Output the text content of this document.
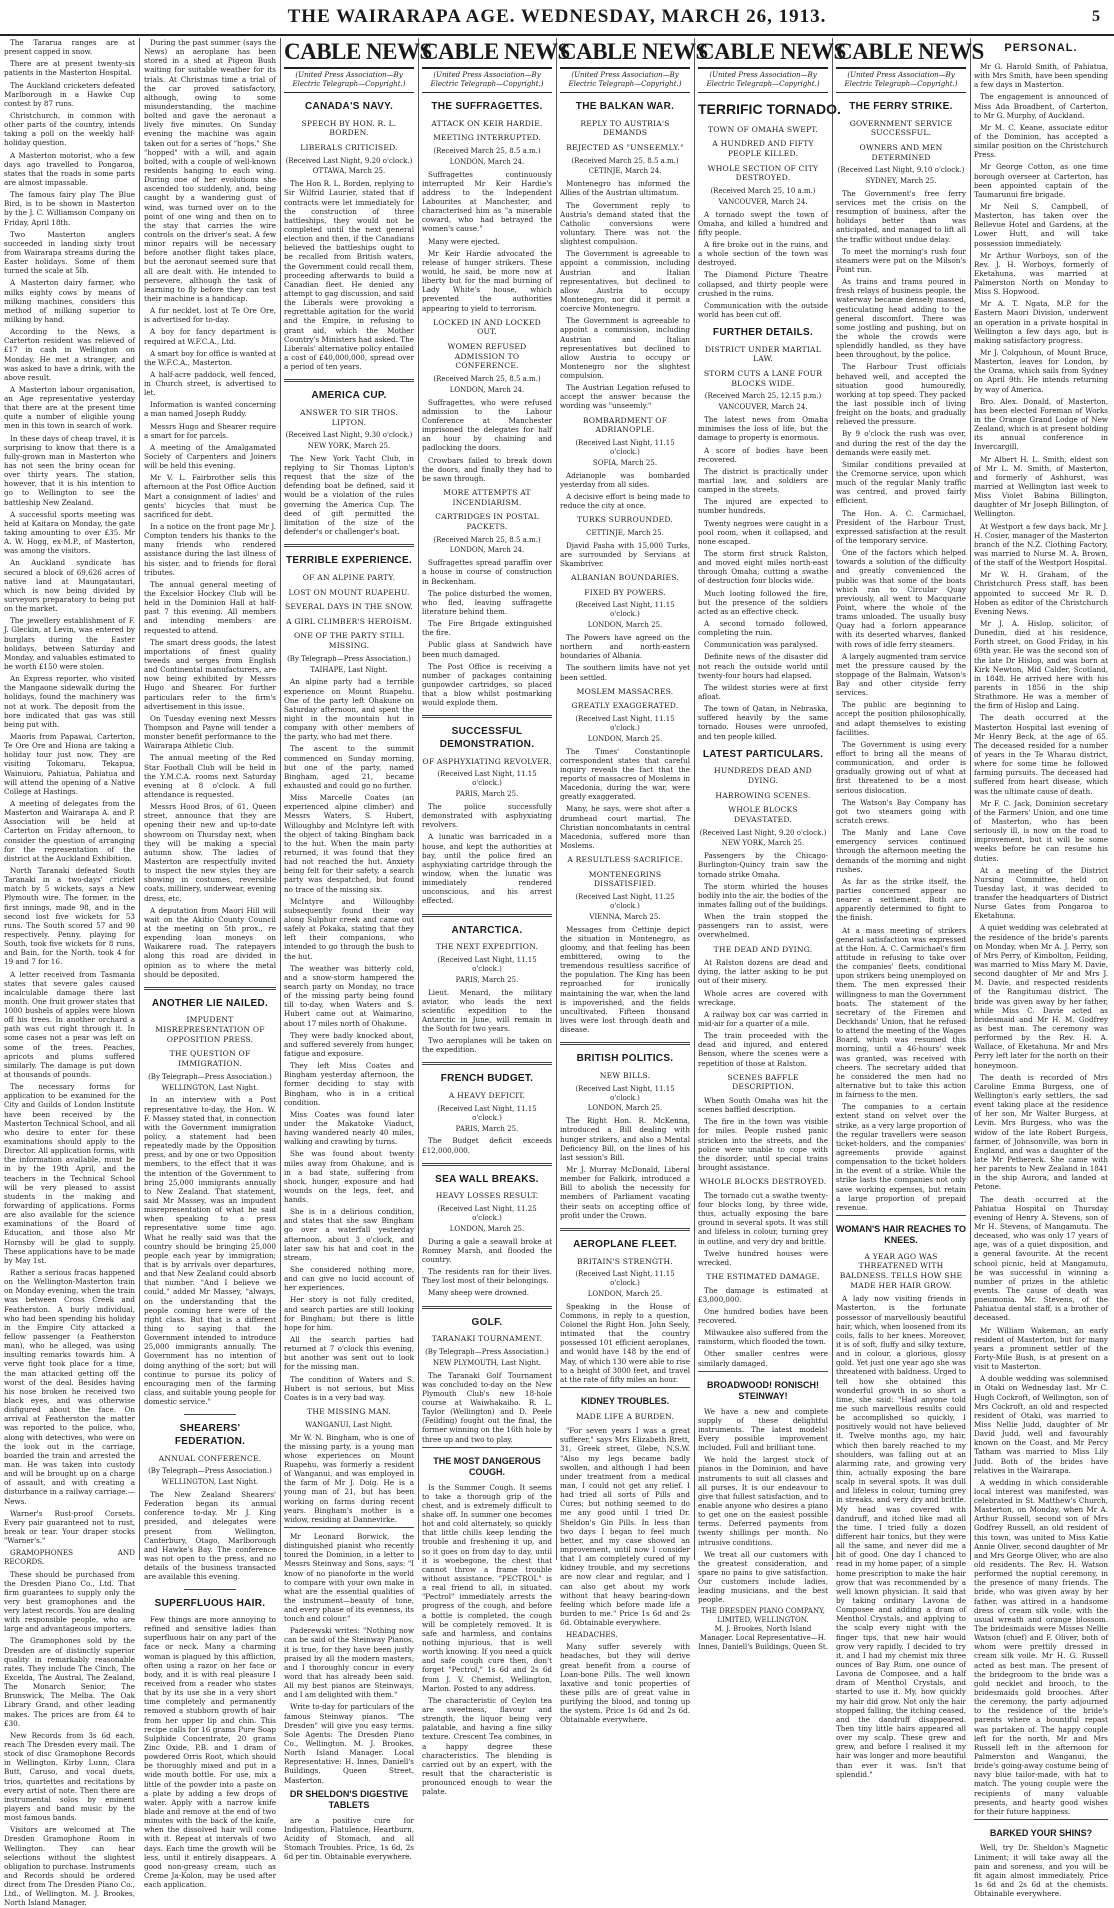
THE WAIRARAPA AGE. WEDNESDAY, MARCH 26, 1913.	5

The Tararua ranges are at present capped in snow.

There are at present twenty-six patients in the Masterton Hospital.

The Auckland cricketers defeated Marlborough in a Hawke Cup contest by 87 runs.

Christchurch, in common with other parts of the country, intends taking a poll on the weekly half-holiday question.

A Masterton motorist, who a few days ago travelled to Pongaroa, states that the roads in some parts are almost impassable.

The famous fairy play The Blue Bird, is to be shown in Masterton by the J. C. Williamson Company on Friday, April 18th.

Two Masterton anglers succeeded in landing sixty trout from Wairarapa streams during the Easter holidays. Some of them turned the scale at 5lb.

A Masterton dairy farmer, who milks eighty cows by means of milking machines, considers this method of milking superior to milking by hand.

According to the News, a Carterton resident was relieved of £17 in cash in Wellington on Monday. He met a stranger, and was asked to have a drink, with the above result.

A Masterton labour organisation, an Age representative yesterday that there are at the present time quite a number of eligible young men in this town in search of work.

In these days of cheap travel, it is surprising to know that there is a fully-grown man in Masterton who has not seen the briny ocean for over thirty years. The station, however, that it is his intention to go to Wellington to see the battleship New Zealand.

A successful sports meeting was held at Kaitara on Monday, the gate taking amounting to over £35. Mr A. W. Hogg, ex-M.P., of Masterton, was among the visitors.

An Auckland syndicate has secured a block of 69,626 acres of native land at Maungatautari, which is now being divided by surveyors preparatory to being put on the market.

The jewellery establishment of F. J. Gleckin, at Levin, was entered by burglars during the Easter holidays, between Saturday and Monday, and valuables estimated to be worth £150 were stolen.

An Express reporter, who visited the Mangaone sidewalk during the holidays, found the machinery was not at work. The deposit from the bore indicated that gas was still being put with.

Maoris from Papawai, Carterton, Te Ore Ore and Hiona are taking a holiday tour just now. They are visiting Tokomaru, Tekapua, Wainuioru, Pahiatua, Pahiatua and will attend the opening of a Native College at Hastings.

A meeting of delegates from the Masterton and Wairarapa A. and P. Association will be held at Carterton on Friday afternoon, to consider the question of arranging for the representation of the district at the Auckland Exhibition.

North Taranaki defeated South Taranaki in a two-days' cricket match by 5 wickets, says a New Plymouth wire. The former, in the first innings, made 98, and in the second lost five wickets for 53 runs. The South scored 57 and 90 respectively. Penny, playing for South, took five wickets for 8 runs, and Bain, for the North, took 4 for 19 and 7 for 16.

A letter received from Tasmania states that severe gales caused incalculable damage there last month. One fruit grower states that 1000 bushels of apples were blown off his trees. In another orchard a path was cut right through it. In some cases not a pear was left on some of the trees. Peaches, apricots and plums suffered similarly. The damage is put down at thousands of pounds.

The necessary forms for application to be examined for the City and Guilds of London Institute have been received by the Masterton Technical School, and all who desire to enter for these examinations should apply to the Director. All application forms, with the information available, must be in by the 19th April, and the teachers in the Technical School will be very pleased to assist students in the making and forwarding of applications. Forms are also available for the science examinations of the Board of Education, and those also Mr Hornsby will be glad to supply. These applications have to be made by May 1st.

Rather a serious fracas happened on the Wellington-Masterton train on Monday evening, when the train was between Cross Creek and Featherston. A burly individual, who had been spending his holiday in the Empire City attacked a fellow passenger (a Featherston man), who he alleged, was using insulting remarks towards him. A verve fight took place for a time, the man attacked getting off the worst of the deal. Besides having his nose broken he received two black eyes, and was otherwise disfigured about the face. On arrival at Featherston the matter was reported to the police, who, along with detectives, who were on the look out in the carriage, boarded the train and arrested the man. He was taken into custody and will be brought up on a charge of assault, and with creating a disturbance in a railway carriage.—News.

Warner's Rust-proof Corsets. Every pair guaranteed not to rust, break or tear. Your draper stocks "Warner's."

GRAMOPHONES AND RECORDS.

These should be purchased from the Dresden Piano Co., Ltd. That firm guarantees to supply only the very best gramophones and the very latest records. You are dealing with responsible people, who are large and advantageous importers.

The Gramophones sold by the Dresden are of distinctly superior quality in remarkably reasonable rates. They include The Cinch, The Excelda, The Austral, The Zealand, The Monarch Senior, The Brunswick, The Melba. The Oak Library Grand, and other leading makes. The prices are from £4 to £30.

New Records from 3s 6d each, reach The Dresden every mail. The stock of disc Gramophone Records in Wellington. Kirby Lunn, Clara Butt, Caruso, and vocal duets, trios, quartettes and recitations by every artist of note. Then there are instrumental solos by eminent players and band music by the most famous bands.

Visitors are welcomed at The Dresden Gramophone Room in Wellington. They can hear selections without the slightest obligation to purchase. Instruments and Records should be ordered direct from The Dresden Piano Co., Ltd., of Wellington. M. J. Brookes, North Island Manager.

During the past summer (says the News) an aeroplane has been stored in a shed at Pigeon Bush waiting for suitable weather for its trials. At Christmas time a trial of the car proved satisfactory, although, owing to some misunderstanding, the machine bolted and gave the aeronaut a lively five minutes. On Sunday evening the machine was again taken out for a series of "hops." She "hopped" with a will, and again bolted, with a couple of well-known residents hanging to each wing. During one of her evolutions she ascended too suddenly, and, being caught by a wandering gust of wind, was turned over on to the point of one wing and then on to the stay that carries the wire controls on the driver's seat. A few minor repairs will be necessary before another flight takes place, but the aeronaut seemed sure that all are dealt with. He intended to persevere, although the task of learning to fly before they can test their machine is a handicap.

A fur necklet, lost at Te Ore Ore, is advertised for to-day.

A boy for fancy department is required at W.F.C.A., Ltd.

A smart boy for office is wanted at the W.F.C.A., Masterton.

A half-acre paddock, well fenced, in Church street, is advertised to let.

Information is wanted concerning a man named Joseph Ruddy.

Messrs Hugo and Shearer require a smart for for parcels.

A meeting of the Amalgamated Society of Carpenters and Joiners will be held this evening.

Mr V. L. Fairbrother sells this afternoon at the Post Office Auction Mart a consignment of ladies' and gents' bicycles that must be sacrificed for debt.

In a notice on the front page Mr J. Compton tenders his thanks to the many friends who rendered assistance during the last illness of his sister, and to friends for floral tributes.

The annual general meeting of the Excelsior Hockey Club will be held in the Dominion Hall at half-past 7 this evening. All members and intending members are requested to attend.

The smart dress goods, the latest importations of finest quality tweeds and serges from English and Continental manufacturers, are now being exhibited by Messrs Hugo and Shearer. For further particulars refer to the firm's advertisement in this issue.

On Tuesday evening next Messrs Thompson and Payne will tender a monster benefit performance to the Wairarapa Athletic Club.

The annual meeting of the Red Star Football Club will be held in the Y.M.C.A. rooms next Saturday evening at 8 o'clock. A full attendance is requested.

Messrs Hood Bros, of 61, Queen street, announce that they are opening their new and up-to-date showroom on Thursday next, when they will be making a special autumn show. The ladies of Masterton are respectfully invited to inspect the new styles they are showing in costumes, reversible coats, millinery, underwear, evening dress, etc.

A deputation from Maori Hill will wait on the Akitio County Council at the meeting on 5th prox., re expending loan moneys on Waikarere road. The ratepayers along this road are divided in opinion as to where the metal should be deposited.

ANOTHER LIE NAILED.
IMPUDENT MISREPRESENTATION OF OPPOSITION PRESS.
THE QUESTION OF IMMIGRATION.
(By Telegraph—Press Association.)
WELLINGTON, Last Night.

In an interview with a Post representative to-day, the Hon. W. F. Massey stated that, in connection with the Government immigration policy, a statement had been repeatedly made by the Opposition press, and by one or two Opposition members, to the effect that it was the intention of the Government to bring 25,000 immigrants annually to New Zealand. That statement, said Mr Massey, was an impudent misrepresentation of what he said when speaking to a press representative some time ago. What he really said was that the country should be bringing 25,000 people each year by immigration; that is by arrivals over departures, and that New Zealand could absorb that number. "And I believe we could," added Mr Massey, "always, on the understanding that the people coming here were of the right class. But that is a different thing to saying that the Government intended to introduce 25,000 immigrants annually. The Government has no intention of doing anything of the sort; but will continue to pursue its policy of encouraging men of the farming class, and suitable young people for domestic service."

SHEARERS' FEDERATION.
ANNUAL CONFERENCE.
(By Telegraph—Press Association.)
WELLINGTON, Last Night.

The New Zealand Shearers' Federation began its annual conference to-day. Mr J. King presided, and delegates were present from Wellington, Canterbury, Otago, Marlborough and Hawke's Bay. The conference was not open to the press, and no details of the business transacted are available this evening.

SUPERFLUOUS HAIR.

Few things are more annoying to refined and sensitive ladies than superfluous hair on any part of the face or neck. Many a charming woman is plagued by this affliction, often using a razor on her face or body, and it is with real pleasure I received from a reader who states that by its use she in a very short time completely and permanently removed a stubborn growth of hair from her upper lip and chin. This recipe calls for 16 grams Pure Soap Sulphide Concentrate, 20 grams Zinc Oxide, P.B. and 1 dram of powdered Orris Root, which should be thoroughly mixed and put in a wide mouth bottle. For use, mix a little of the powder into a paste on a plate by adding a few drops of water. Apply with a narrow knife blade and remove at the end of two minutes with the back of the knife, when the dissolved hair will come with it. Repeat at intervals of two days. Each time the growth will be less, until it entirely disappears. A good non-greasy cream, such as Creme Ja-Kolon, may be used after each application.

CABLE NEWS
(United Press Association—By Electric Telegraph—Copyright.)
CANADA'S NAVY.
SPEECH BY HON. R. L. BORDEN.
LIBERALS CRITICISED.
(Received Last Night, 9.20 o'clock.)
OTTAWA, March 25.

The Hon R. L. Borden, replying to Sir Wilfrid Laurier, stated that if contracts were let immediately for the construction of three battleships, they would not be completed until the next general election and then, if the Canadians believed the battleships ought to be recalled from British waters, the Government could recall them, proceeding afterwards to build a Canadian fleet. He denied any attempt to gag discussion, and said the Liberals were provoking a regrettable agitation for the world and the Empire, in refusing to grant aid, which the Mother Country's Ministers had asked. The Liberals' alternative policy entailed a cost of £40,000,000, spread over a period of ten years.

AMERICA CUP.
ANSWER TO SIR THOS. LIPTON.
(Received Last Night, 9.30 o'clock.)
NEW YORK, March 25.

The New York Yacht Club, in replying to Sir Thomas Lipton's request that the size of the defending boat be defined, said it would be a violation of the rules governing the America Cup. The deed of gift permitted the limitation of the size of the defender's or challenger's boat.

TERRIBLE EXPERIENCE.
OF AN ALPINE PARTY.
LOST ON MOUNT RUAPEHU.
SEVERAL DAYS IN THE SNOW.
A GIRL CLIMBER'S HEROISM.
ONE OF THE PARTY STILL MISSING.
(By Telegraph—Press Association.)
TAIHAPE, Last Night.

An alpine party had a terrible experience on Mount Ruapehu. One of the party left Ohakune on Saturday afternoon, and spent the night in the mountain hut in company with other members of the party, who had met there.

The ascent to the summit commenced on Sunday morning, but one of the party, named Bingham, aged 21, became exhausted and could go no further.

Miss Marcelle Coates (an experienced alpine climber) and Messrs Waters, S. Hubert, Willoughby and McIntyre left with the object of taking Bingham back to the hut. When the main party returned, it was found that they had not reached the hut. Anxiety being felt for their safety, a search party was despatched, but found no trace of the missing six.

McIntyre and Willoughby subsequently found their way along Sulphur creek and came out safely at Pokaka, stating that they left their companions, who intended to go through the bush to the hut.

The weather was bitterly cold, and a snow-storm hampered the search party on Monday, no trace of the missing party being found till to-day, when Waters and S. Hubert came out at Waimarino, about 17 miles north of Ohakune.

They were badly knocked about, and suffered severely from hunger, fatigue and exposure.

They left Miss Coates and Bingham yesterday afternoon, the former deciding to stay with Bingham, who is in a critical condition.

Miss Coates was found later under the Makatoke Viaduct, having wandered nearly 40 miles, walking and crawling by turns.

She was found about twenty miles away from Ohakune, and is in a bad state, suffering from shock, hunger, exposure and had wounds on the legs, feet, and hands.

She is in a delirious condition, and states that she saw Bingham go over a waterfall yesterday afternoon, about 3 o'clock, and later saw his hat and coat in the stream.

She considered nothing more, and can give no lucid account of her experiences.

Her story is not fully credited, and search parties are still looking for Bingham; but there is little hope for him.

All the search parties had returned at 7 o'clock this evening, but another was sent out to look for the missing man.

The condition of Waters and S. Hubert is not serious, but Miss Coates is in a very bad way.

THE MISSING MAN.
WANGANUI, Last Night.

Mr W. N. Bingham, who is one of the missing party, is a young man whose experiences on Mount Ruapehu, was formerly a resident of Wanganui, and was employed in the farm of Mr J. Doig. He is a young man of 21, but has been working on farms during recent years. Bingham's mother is a widow, residing at Dannevirke.

Mr Leonard Borwick, the distinguished pianist who recently toured the Dominion, in a letter to Messrs Steinway and Sons, says: "I know of no pianoforte in the world to compare with your own make in what are the essential qualities of the instrument—beauty of tone, and every phase of its evenness, its touch and colour."

Paderewski writes: "Nothing now can be said of the Steinway Pianos, it is true, for they have been justly praised by all the modern masters, and I thoroughly concur in every word that has already been said. All my best pianos are Steinways, and I am delighted with them."

Write to-day for particulars of the famous Steinway pianos. "The Dresden" will give you easy terms. Sole Agents: The Dresden Piano Co., Wellington. M. J. Brookes, North Island Manager. Local Representative: H. Innes, Daniell's Buildings, Queen Street, Masterton.

DR SHELDON'S DIGESTIVE TABLETS

are a positive cure for Indigestion, Flatulence, Heartburn, Acidity of Stomach, and all Stomach Troubles. Price, 1s 6d, 2s 6d per tin. Obtainable everywhere.

CABLE NEWS
(United Press Association—By Electric Telegraph—Copyright.)
THE SUFFRAGETTES.
ATTACK ON KEIR HARDIE.
MEETING INTERRUPTED.
(Received March 25, 8.5 a.m.)
LONDON, March 24.

Suffragettes continuously interrupted Mr Keir Hardie's address to the Independent Labourites at Manchester, and characterised him as "a miserable coward, who had betrayed the women's cause."

Many were ejected.

Mr Keir Hardie advocated the release of hunger strikers. These would, he said, be more now at liberty but for the mad burning of Lady White's house, which prevented the authorities appearing to yield to terrorism.

LOCKED IN AND LOCKED OUT.
WOMEN REFUSED ADMISSION TO CONFERENCE.
(Received March 25, 8.5 a.m.)
LONDON, March 24.

Suffragettes, who were refused admission to the Labour Conference at Manchester imprisoned the delegates for half an hour by chaining and padlocking the doors.

Crowbars failed to break down the doors, and finally they had to be sawn through.

MORE ATTEMPTS AT INCENDIARISM.
CARTRIDGES IN POSTAL PACKETS.
(Received March 25, 8.5 a.m.)
LONDON, March 24.

Suffragettes spread paraffin over a house in course of construction in Beckenham.

The police disturbed the women, who fled, leaving suffragette literature behind them.

The Fire Brigade extinguished the fire.

Public glass at Sandwich have been much damaged.

The Post Office is receiving a number of packages containing gunpowder cartridges, so placed that a blow whilst postmarking would explode them.

SUCCESSFUL DEMONSTRATION.
OF ASPHYXIATING REVOLVER.
(Received Last Night, 11.15 o'clock.)
PARIS, March 25.

The police successfully demonstrated with asphyxiating revolvers.

A lunatic was barricaded in a house, and kept the authorities at bay, until the police fired an asphyxiating cartridge through the window, when the lunatic was immediately rendered unconscious, and his arrest effected.

ANTARCTICA.
THE NEXT EXPEDITION.
(Received Last Night, 11.15 o'clock.)
PARIS, March 25.

Lieut. Menard, the military aviator, who leads the next scientific expedition to the Antarctic in June, will remain in the South for two years.

Two aeroplanes will be taken on the expedition.

FRENCH BUDGET.
A HEAVY DEFICIT.
(Received Last Night, 11.15 o'clock.)
PARIS, March 25.

The Budget deficit exceeds £12,000,000.

SEA WALL BREAKS.
HEAVY LOSSES RESULT.
(Received Last Night, 11.25 o'clock.)
LONDON, March 25.

During a gale a seawall broke at Romney Marsh, and flooded the country.

The residents ran for their lives. They lost most of their belongings.

Many sheep were drowned.

GOLF.
TARANAKI TOURNAMENT.
(By Telegraph—Press Association.)
NEW PLYMOUTH, Last Night.

The Taranaki Golf Tournament was concluded to-day on the New Plymouth Club's new 18-hole course at Waiwhakaiho. R. L. Taylor (Wellington) and D. Peele (Feilding) fought out the final, the former winning on the 16th hole by three up and two to play.

THE MOST DANGEROUS COUGH.

Is the Summer Cough. It seems to take a thorough grip of the chest, and is extremely difficult to shake off. In summer one becomes hot and cold alternately, so quickly that little chills keep lending the trouble and freshening it up, and so it goes on from day to day, until it is woebegone, the chest that cannot throw a frame trouble without assistance. "PECTROL" is a real friend to all, in situated. "Pectrol" immediately arrests the progress of the cough, and before a bottle is completed, the cough will be completely removed. It is safe and harmless, and contains nothing injurious, that is well worth knowing. If you need a quick and safe cough cure then, don't forget "Pectrol," 1s 6d and 2s 6d from J. V. Chemist, Wellington, Marton. Posted to any address.

The characteristic of Ceylon tea are sweetness, flavour and strength, the liquor being very palatable, and having a fine silky texture. Crescent Tea combines, in a happy degree these characteristics. The blending is carried out by an expert, with the result that the characteristic is pronounced enough to wear the palate.

CABLE NEWS
(United Press Association—By Electric Telegraph—Copyright.)
THE BALKAN WAR.
REPLY TO AUSTRIA'S DEMANDS
REJECTED AS "UNSEEMLY."
(Received March 25, 8.5 a.m.)
CETINJE, March 24.

Montenegro has informed the Allies of the Austrian ultimatum.

The Government reply to Austria's demand stated that the Catholic conversions were voluntary. There was not the slightest compulsion.

The Government is agreeable to appoint a commission, including Austrian and Italian representatives, but declined to allow Austria to occupy Montenegro, nor did it permit a coercive Montenegro.

The Government is agreeable to appoint a commission, including Austrian and Italian representatives but declined to allow Austria to occupy or Montenegro nor the slightest compulsion.

The Austrian Legation refused to accept the answer because the wording was "unseemly."

BOMBARDMENT OF ADRIANOPLE.
(Received Last Night, 11.15 o'clock.)
SOFIA, March 25.

Adrianople was bombarded yesterday from all sides.

A decisive effort is being made to reduce the city at once.

TURKS SURROUNDED.
CETTINJE, March 25.

Djavid Pasha with 15,000 Turks, are surrounded by Servians at Skambriver.

ALBANIAN BOUNDARIES.
FIXED BY POWERS.
(Received Last Night, 11.15 o'clock.)
LONDON, March 25.

The Powers have agreed on the northern and north-eastern boundaries of Albania.

The southern limits have not yet been settled.

MOSLEM MASSACRES.
GREATLY EXAGGERATED.
(Received Last Night, 11.15 o'clock.)
LONDON, March 25.

The Times' Constantinople correspondent states that careful inquiry reveals the fact that the reports of massacres of Moslems in Macedonia, during the war, were greatly exaggerated.

Many, he says, were shot after a drumhead court martial. The Christian noncombatants in central Macedonia, suffered more than Moslems.

A RESULTLESS SACRIFICE.
MONTENEGRINS DISSATISFIED.
(Received Last Night, 11.25 o'clock.)
VIENNA, March 25.

Messages from Cettinje depict the situation in Montenegro, as gloomy, and that feeling has been embittered, owing to the tremendous resultless sacrifice of the population. The King has been reproached for ironically maintaining the war, when the land is impoverished, and the fields uncultivated. Fifteen thousand lives were lost through death and disease.

BRITISH POLITICS.
NEW BILLS.
(Received Last Night, 11.15 o'clock.)
LONDON, March 25.

The Right Hon. R. McKenna, introduced a Bill dealing with hunger strikers, and also a Mental Deficiency Bill, on the lines of his last session's Bill.

Mr J. Murray McDonald, Liberal member for Falkirk, introduced a Bill to abolish the necessity for members of Parliament vacating their seats on accepting office of profit under the Crown.

AEROPLANE FLEET.
BRITAIN'S STRENGTH.
(Received Last Night, 11.15 o'clock.)
LONDON, March 25.

Speaking in the House of Commons, in reply to a question, Colonel the Right Hon. John Seely, intimated that the country possessed 101 efficient aeroplanes, and would have 148 by the end of May, of which 130 were able to rise to a height of 3000 feet, and travel at the rate of fifty miles an hour.

KIDNEY TROUBLES.
MADE LIFE A BURDEN.

"For seven years I was a great sufferer," says Mrs Elizabeth Brett, 31, Greek street, Glebe, N.S.W. "Also my legs became badly swollen, and although I had been under treatment from a medical man, I could not get any relief. I had tried all sorts of Pills and Cures; but nothing seemed to do me any good until I tried Dr. Sheldon's Gin Pills. In less than two days I began to feel much better, and my case showed an improvement, until now I consider that I am completely cured of my kidney trouble, and my secretions are now clear and regular, and I can also get about my work without that heavy bearing-down feeling which before made life a burden to me." Price 1s 6d and 2s 6d. Obtainable everywhere.

HEADACHES.

Many suffer severely with headaches, but they will derive great benefit from a course of Loan-bone Pills. The well known laxative and tonic properties of these pills are of great value in purifying the blood, and toning up the system. Price 1s 6d and 2s 6d. Obtainable everywhere.

CABLE NEWS
(United Press Association—By Electric Telegraph—Copyright.)
TERRIFIC TORNADO.
TOWN OF OMAHA SWEPT.
A HUNDRED AND FIFTY PEOPLE KILLED.
WHOLE SECTION OF CITY DESTROYED.
(Received March 25, 10 a.m.)
VANCOUVER, March 24.

A tornado swept the town of Omaha, and killed a hundred and fifty people.

A fire broke out in the ruins, and a whole section of the town was destroyed.

The Diamond Picture Theatre collapsed, and thirty people were crushed in the ruins.

Communication with the outside world has been cut off.

FURTHER DETAILS.
DISTRICT UNDER MARTIAL LAW.
STORM CUTS A LANE FOUR BLOCKS WIDE.
(Received March 25, 12.15 p.m.)
VANCOUVER, March 24.

The latest news from Omaha minimises the loss of life, but the damage to property is enormous.

A score of bodies have been recovered.

The district is practically under martial law, and soldiers are camped in the streets.

The injured are expected to number hundreds.

Twenty negroes were caught in a pool room, when it collapsed, and none escaped.

The storm first struck Ralston, and moved eight miles north-east through Omaha, cutting a swathe of destruction four blocks wide.

Much looting followed the fire, but the presence of the soldiers acted as an effective check.

A second tornado followed, completing the ruin.

Communication was paralysed.

Definite news of the disaster did not reach the outside world until twenty-four hours had elapsed.

The wildest stories were at first afloat.

The town of Qatan, in Nebraska, suffered heavily by the same tornado. Houses were unroofed, and ten people killed.

LATEST PARTICULARS.
HUNDREDS DEAD AND DYING.
HARROWING SCENES.
WHOLE BLOCKS DEVASTATED.
(Received Last Night, 9.20 o'clock.)
NEW YORK, March 25.

Passengers by the Chicago-Burlington-Quincy train saw the tornado strike Omaha.

The storm whirled the houses bodily into the air, the bodies of the inmates falling out of the buildings.

When the train stopped the passengers ran to assist, were overwhelmed.

THE DEAD AND DYING.

At Ralston dozens are dead and dying, the latter asking to be put out of their misery.

Whole acres are covered with wreckage.

A railway box car was carried in mid-air for a quarter of a mile.

The train proceeded with the dead and injured, and entered Benson, where the scenes were a repetition of those at Ralston.

SCENES BAFFLE DESCRIPTION.

When South Omaha was hit the scenes baffled description.

The fire in the town was visible for miles. People rushed panic stricken into the streets, and the police were unable to cope with the disorder, until special trains brought assistance.

WHOLE BLOCKS DESTROYED.

The tornado cut a swathe twenty-four blocks long, by three wide, thus, actually exposing the bare ground in several spots. It was still and lifeless in colour, turning grey in outline, and very dry and brittle.

Twelve hundred houses were wrecked.

THE ESTIMATED DAMAGE.

The damage is estimated at £3,000,000.

One hundred bodies have been recovered.

Milwaukee also suffered from the rainstorm, which flooded the town.

Other smaller centres were similarly damaged.

BROADWOOD! RONISCH! STEINWAY!

We have a new and complete supply of these delightful instruments. The latest models! Every possible improvement included. Full and brilliant tone.

We hold the largest stock of pianos in the Dominion, and have instruments to suit all classes and all purses. It is our endeavour to give that fullest satisfaction, and to enable anyone who desires a piano to get one on the easiest possible terms. Deferred payments from twenty shillings per month. No intrusive conditions.

We treat all our customers with the greatest consideration, and spare no pains to give satisfaction. Our customers include ladies, leading musicians, and the best people.

THE DRESDEN PIANO COMPANY, LIMITED, WELLINGTON.
M. J. Brookes, North Island Manager. Local Representative—H. Innes, Daniell's Buildings, Queen St.
CABLE NEWS
(United Press Association—By Electric Telegraph—Copyright.)
THE FERRY STRIKE.
GOVERNMENT SERVICE SUCCESSFUL.
OWNERS AND MEN DETERMINED
(Received Last Night, 9.10 o'clock.)
SYDNEY, March 25.

The Government's free ferry services met the crisis on the resumption of business, after the holidays better than was anticipated, and managed to lift all the traffic without undue delay.

To meet the morning's rush four steamers were put on the Milson's Point run.

As trains and trams poured in fresh relays of business people, the waterway became densely massed, gesticulating head adding to the general discomfort. There was some jostling and pushing, but on the whole the crowds were splendidly handled, as they have been throughout, by the police.

The Harbour Trust officials behaved well, and accepted the situation good humouredly, working at top speed. They packed the last possible inch of living freight on the boats, and gradually relieved the pressure.

By 9 o'clock the rush was over, and during the rest of the day the demands were easily met.

Similar conditions prevailed at the Cremorne service, upon which much of the regular Manly traffic was centred, and proved fairly efficient.

The Hon. A. C. Carmichael, President of the Harbour Trust, expressed satisfaction at the result of the temporary service.

One of the factors which helped towards a solution of the difficulty and greatly convenienced the public was that some of the boats which ran to Circular Quay previously, all went to Macquarie Point, where the whole of the trams unloaded. The usually busy Quay had a forlorn appearance with its deserted wharves, flanked with rows of idle ferry steamers.

A largely augmented tram service met the pressure caused by the stoppage of the Balmain, Watson's Bay and other cityside ferry services.

The public are beginning to accept the position philosophically, and adapt themselves to existing facilities.

The Government is using every effort to bring all the means of communication, and order is gradually growing out of what at first threatened to be a most serious dislocation.

The Watson's Bay Company has got two steamers going with scratch crews.

The Manly and Lane Cove emergency services continued through the afternoon meeting the demands of the morning and night rushes.

As far as the strike itself, the parties concerned appear no nearer a settlement. Both are apparently determined to fight to the finish.

At a mass meeting of strikers general satisfaction was expressed at the Hon. A. C. Carmichael's firm attitude in refusing to take over the companies' fleets, conditional upon strikers being unemployed on them. The men expressed their willingness to man the Government boats. The statement of the secretary of the Firemen and Deckhands' Union, that he refused to attend the meeting of the Wages Board, which was resumed this morning, until a 46-hours' week was granted, was received with cheers. The secretary added that he considered the men had no alternative but to take this action in fairness to the men.

The companies to a certain extent stand on velvet over the strike, as a very large proportion of the regular travellers were season ticket-holders, and the companies' agreements provide against compensation to the ticket holders in the event of a strike. While the strike lasts the companies not only save working expenses, but retain a large proportion of prepaid revenue.

WOMAN'S HAIR REACHES TO KNEES.
A YEAR AGO WAS THREATENED WITH BALDNESS. TELLS HOW SHE MADE HER HAIR GROW.

A lady now visiting friends in Masterton, is the fortunate possessor of marvellously beautiful hair, which, when loosened from its coils, falls to her knees. Moreover, it is of soft, fluffy and silky texture, and in colour, a glorious, glossy gold. Yet just one year ago she was threatened with baldness. Urged to tell how she obtained this wonderful growth in so short a time, she said: "Had anyone told me such marvellous results could be accomplished so quickly, I positively would not have believed it. Twelve months ago, my hair, which then barely reached to my shoulders, was falling out at an alarming rate, and growing very thin, actually exposing the bare scalp in several spots. It was dull and lifeless in colour, turning grey in streaks, and very dry and brittle. My head was covered with dandruff, and itched like mad all the time. I tried fully a dozen different hair tonics, but they were all the same, and never did me a bit of good. One day I chanced to read in my home paper, of a simple home prescription to make the hair grow that was recommended by a well known physician. It said that by taking ordinary Lavona de Composee and adding a dram of Menthol Crystals, and applying to the scalp every night with the finger tips, that new hair would grow very rapidly. I decided to try it, and I had my chemist mix three ounces of Bay Rum, one ounce of Lavona de Composee, and a half dram of Menthol Crystals, and started to use it. My, how quickly my hair did grow. Not only the hair stopped falling, the itching ceased, and the dandruff disappeared. Then tiny little hairs appeared all over my scalp. These grew and grew, and before I realised it my hair was longer and more beautiful than ever it was. Isn't that splendid."

PERSONAL.

Mr G. Harold Smith, of Pahiatua, with Mrs Smith, have been spending a few days in Masterton.

The engagement is announced of Miss Ada Broadbent, of Carterton, to Mr G. Murphy, of Auckland.

Mr M. C. Keane, associate editor of the Dominion, has accepted a similar position on the Christchurch Press.

Mr George Cotton, as one time borough overseer at Carterton, has been appointed captain of the Taumarunui fire brigade.

Mr Neil S. Campbell, of Masterton, has taken over the Bellevue Hotel and Gardens, at the Lower Hutt, and will take possession immediately.

Mr Arthur Worboys, son of the Rev. J. H. Worboys, formerly of Eketahuna, was married at Palmerston North on Monday to Miss S. Hopwood.

Mr A. T. Ngata, M.P. for the Eastern Maori Division, underwent an operation in a private hospital in Wellington a few days ago, but is making satisfactory progress.

Mr J. Colquhoun, of Mount Bruce, Masterton, leaves for London, by the Orama, which sails from Sydney on April 9th. He intends returning by way of America.

Bro. Alex. Donald, of Masterton, has been elected Foreman of Works in the Orange Grand Lodge of New Zealand, which is at present holding its annual conference in Invercargill.

Mr Albert H. L. Smith, eldest son of Mr L. M. Smith, of Masterton, and formerly of Ashhurst, was married at Wellington last week to Miss Violet Babina Billington, daughter of Mr Joseph Billington, of Wellington.

At Westport a few days back, Mr J. H. Cosier, manager of the Masterton branch of the N.Z. Clothing Factory, was married to Nurse M. A. Brown, of the staff of the Westport Hospital.

Mr W. H. Graham, of the Christchurch Press staff, has been appointed to succeed Mr R. D. Hoben as editor of the Christchurch Evening News.

Mr J. A. Hislop, solicitor, of Dunedin, died at his residence, Forth street, on Good Friday, in his 69th year. He was the second son of the late Dr Hislop, and was born at Kirk Newton, Mid Calder, Scotland, in 1848. He arrived here with his parents in 1856 in the ship Strathmore. He was a member of the firm of Hislop and Laing.

The death occurred at the Masterton Hospital last evening of Mr Henry Beck, at the age of 65. The deceased resided for a number of years in the Te Wharau district, where for some time he followed farming pursuits. The deceased had suffered from heart disease, which was the ultimate cause of death.

Mr F. C. Jack, Dominion secretary of the Farmers' Union, and one time of Masterton, who has been seriously ill, is now on the road to improvement, but it will be some weeks before he can resume his duties.

At a meeting of the District Nursing Committee, held on Tuesday last, it was decided to transfer the headquarters of District Nurse Gates from Pongaroa to Eketahuna.

A quiet wedding was celebrated at the residence of the bride's parents on Monday, when Mr A. J. Perry, son of Mrs Perry, of Kimbolton, Feilding, was married to Miss Mary M. Davie, second daughter of Mr and Mrs J. M. Davie, and respected residents of the Rangitumau district. The bride was given away by her father, while Miss C. Davie acted as bridesmaid and Mr H. M. Godfrey as best man. The ceremony was performed by the Rev. H. A. Wallace, of Eketahuna. Mr and Mrs Perry left later for the north on their honeymoon.

The death is recorded of Mrs Caroline Emma Burgess, one of Wellington's early settlers, the sad event taking place at the residence of her son, Mr Walter Burgess, at Levin. Mrs Burgess, who was the widow of the late Robert Burgess, farmer, of Johnsonville, was born in England, and was a daughter of the late Mr Pethereck. She came with her parents to New Zealand in 1841 in the ship Aurora, and landed at Petone.

The death occurred at the Pahiatua Hospital on Thursday evening of Henry A. Stevens, son of Mr H. Stevens, of Mangamutu. The deceased, who was only 17 years of age, was of a quiet disposition, and a general favourite. At the recent school picnic, held at Mangamutu, he was successful in winning a number of prizes in the athletic events. The cause of death was pneumonia. Mr. Stevens, of the Pahiatua dental staff, is a brother of deceased.

Mr William Wakeman, an early resident of Masterton, but for many years a prominent settler of the Forty-Mile Bush, is at present on a visit to Masterton.

A double wedding was solemnised in Otaki on Wednesday last. Mr C. Hugh Cockroft, of Wellington, son of Mrs Cockroft, an old and respected resident of Otaki, was married to Miss Nellie Judd, daughter of Mr David Judd, well and favourably known on the Coast, and Mr Percy Tatham was married to Miss Lily Judd. Both of the brides have relatives in the Wairarapa.

A wedding in which considerable local interest was manifested, was celebrated in St. Matthew's Church, Masterton, on Monday, when Mr A. Arthur Russell, second son of Mrs Godfrey Russell, an old resident of this town, was united to Miss Katie Annie Oliver, second daughter of Mr and Mrs George Oliver, who are also old residents. The Rev. H. Watson performed the nuptial ceremony, in the presence of many friends. The bride, who was given away by her father, was attired in a handsome dress of cream silk voile, with the usual wreath and orange blossom. The bridesmaids were Misses Nellie Watson (chief) and F. Oliver, both of whom were prettily dressed in cream silk voile. Mr H. G. Russell acted as best man. The present of the bridegroom to the bride was a gold necklet and brooch, to the bridesmaids gold brooches. After the ceremony, the party adjourned to the residence of the bride's parents where a bountiful repast was partaken of. The happy couple left for the north. Mr and Mrs Russell left in the afternoon for Palmerston and Wanganui, the bride's going-away costume being of navy blue tailor-made, with hat to match. The young couple were the recipients of many valuable presents, and hearty good wishes for their future happiness.

BARKED YOUR SHINS?

Well, try Dr. Sheldon's Magnetic Liniment; it will take away all the pain and soreness, and you will be fit again almost immediately. Price 1s 6d and 2s 6d at the chemists. Obtainable everywhere.
